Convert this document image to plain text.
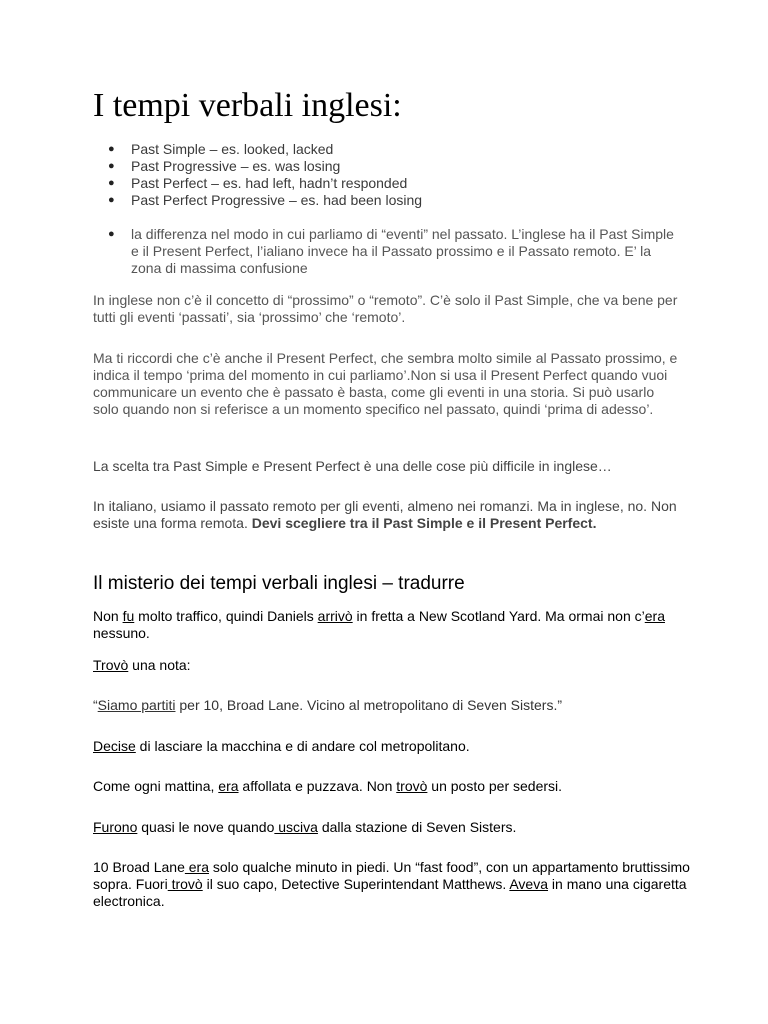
I tempi verbali inglesi:
● Past Simple – es. looked, lacked
● Past Progressive – es. was losing
● Past Perfect – es. had left, hadn’t responded
● Past Perfect Progressive – es. had been losing
● la differenza nel modo in cui parliamo di “eventi” nel passato. L’inglese ha il Past Simple e il Present Perfect, l’ialiano invece ha il Passato prossimo e il Passato remoto. E’ la zona di massima confusione

In inglese non c’è il concetto di “prossimo” o “remoto”. C’è solo il Past Simple, che va bene per tutti gli eventi ‘passati’, sia ‘prossimo’ che ‘remoto’.

Ma ti riccordi che c’è anche il Present Perfect, che sembra molto simile al Passato prossimo, e indica il tempo ‘prima del momento in cui parliamo’.Non si usa il Present Perfect quando vuoi communicare un evento che è passato è basta, come gli eventi in una storia. Si può usarlo solo quando non si referisce a un momento specifico nel passato, quindi ‘prima di adesso’.

La scelta tra Past Simple e Present Perfect è una delle cose più difficile in inglese…

In italiano, usiamo il passato remoto per gli eventi, almeno nei romanzi. Ma in inglese, no. Non esiste una forma remota. Devi scegliere tra il Past Simple e il Present Perfect.

Il misterio dei tempi verbali inglesi – tradurre

Non fu molto traffico, quindi Daniels arrivò in fretta a New Scotland Yard. Ma ormai non c’era nessuno.

Trovò una nota:

“Siamo partiti per 10, Broad Lane. Vicino al metropolitano di Seven Sisters.”

Decise di lasciare la macchina e di andare col metropolitano.

Come ogni mattina, era affollata e puzzava. Non trovò un posto per sedersi.

Furono quasi le nove quando usciva dalla stazione di Seven Sisters.

10 Broad Lane era solo qualche minuto in piedi. Un “fast food”, con un appartamento bruttissimo sopra. Fuori trovò il suo capo, Detective Superintendant Matthews. Aveva in mano una cigaretta electronica.
